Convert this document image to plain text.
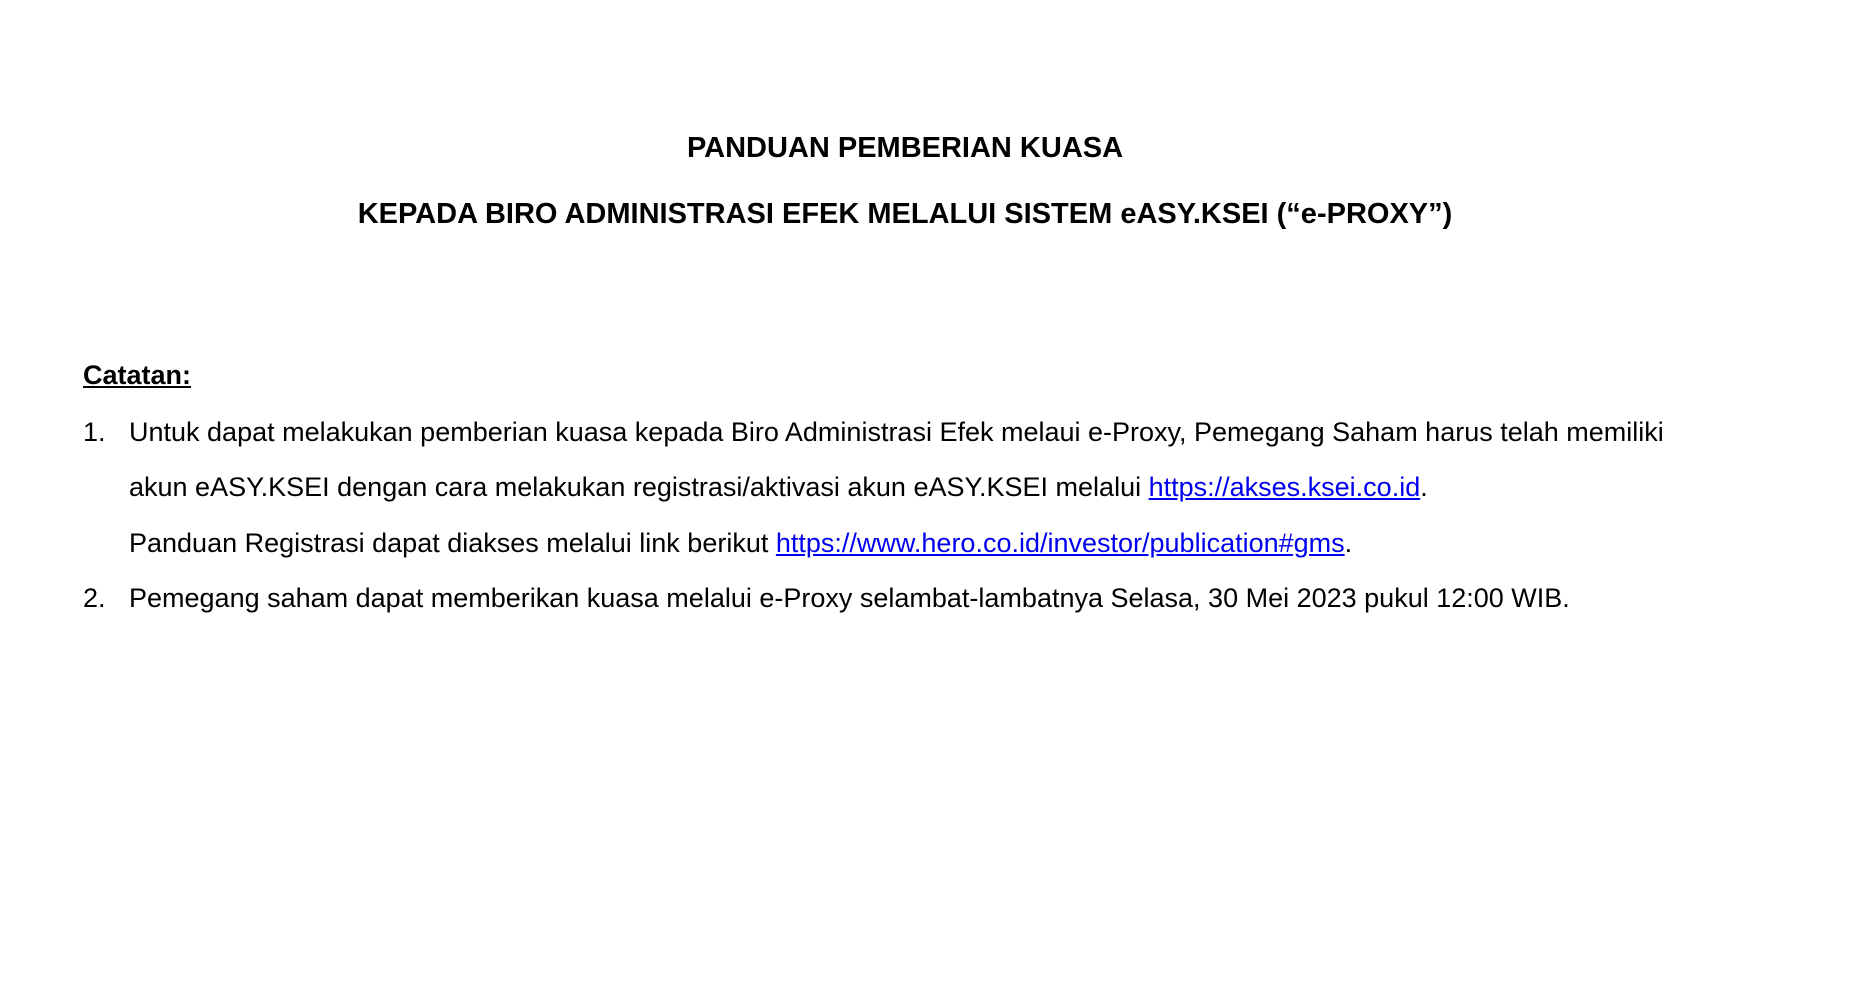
PANDUAN PEMBERIAN KUASA
KEPADA BIRO ADMINISTRASI EFEK MELALUI SISTEM eASY.KSEI (“e-PROXY”)
Catatan:
1. Untuk dapat melakukan pemberian kuasa kepada Biro Administrasi Efek melaui e-Proxy, Pemegang Saham harus telah memiliki
akun eASY.KSEI dengan cara melakukan registrasi/aktivasi akun eASY.KSEI melalui https://akses.ksei.co.id.
Panduan Registrasi dapat diakses melalui link berikut https://www.hero.co.id/investor/publication#gms.
2. Pemegang saham dapat memberikan kuasa melalui e-Proxy selambat-lambatnya Selasa, 30 Mei 2023 pukul 12:00 WIB.
